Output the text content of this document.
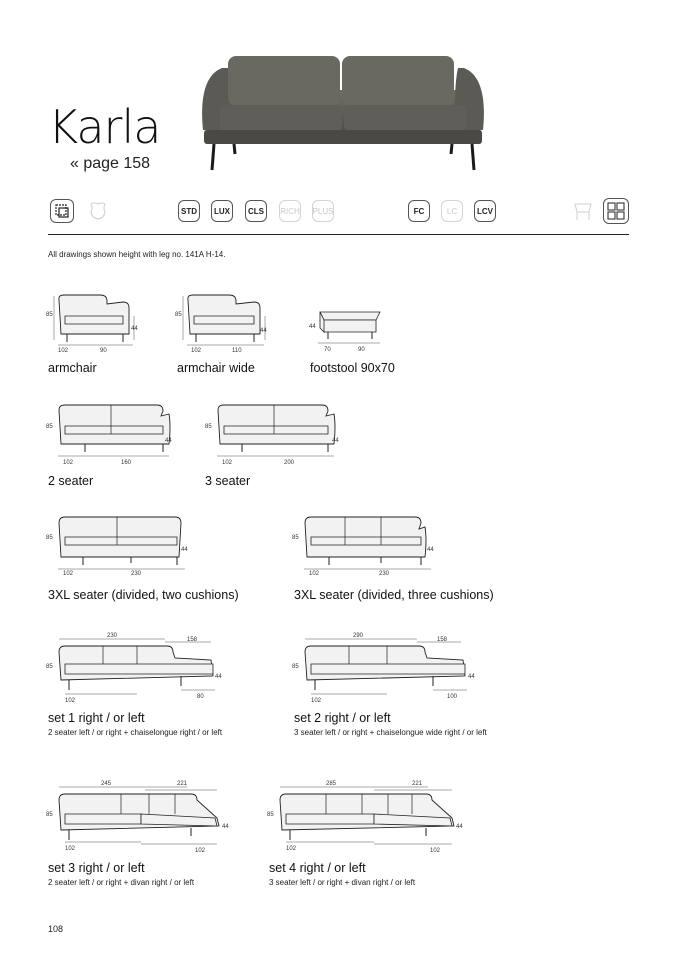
Karla
« page 158
STD	LUX	CLS	RICH PLUS	FC	LC	LCV
All drawings shown height with leg no. 141A H-14.
85
44
102	90
armchair
85
44
102	110
armchair wide
44
70	90
footstool 90x70
85
44
102	160
2 seater
85
44
102	200
3 seater
85
44
102	230
3XL seater (divided, two cushions)
85
44
102	230
3XL seater (divided, three cushions)
230
158
85
44
102
80
set 1 right / or left
2 seater left / or right + chaiselongue right / or left
290
158
85
44
102
100
set 2 right / or left
3 seater left / or right + chaiselongue wide right / or left
245	221
85
44
102	102
set 3 right / or left
2 seater left / or right + divan right / or left
285	221
85
44
102	102
set 4 right / or left
3 seater left / or right + divan right / or left
108
